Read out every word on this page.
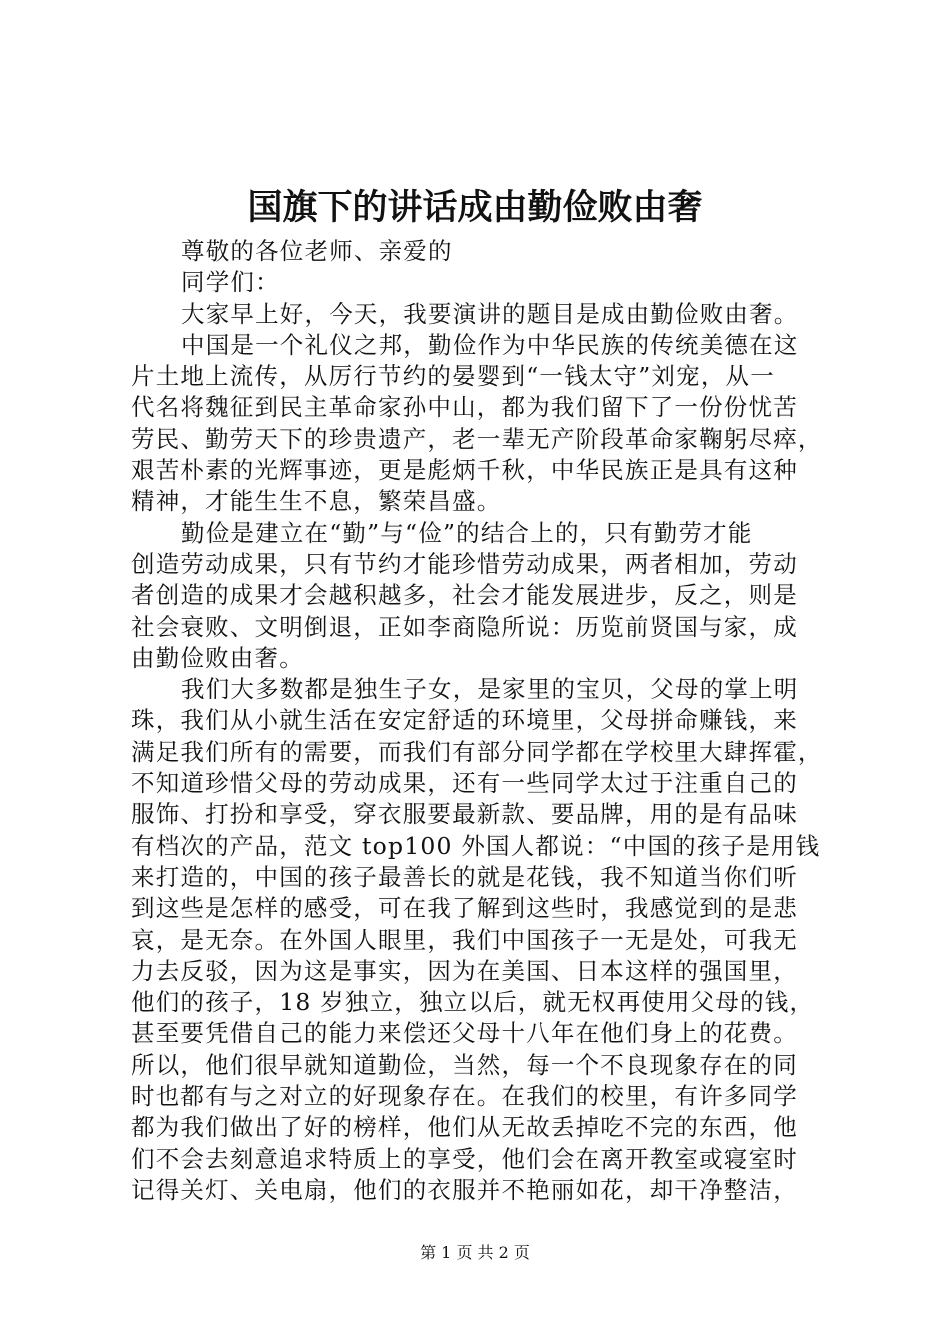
国旗下的讲话成由勤俭败由奢

尊敬的各位老师、亲爱的

同学们：

大家早上好，今天，我要演讲的题目是成由勤俭败由奢。

中国是一个礼仪之邦，勤俭作为中华民族的传统美德在这

片土地上流传，从厉行节约的晏婴到“一钱太守”刘宠，从一

代名将魏征到民主革命家孙中山，都为我们留下了一份份忧苦

劳民、勤劳天下的珍贵遗产，老一辈无产阶段革命家鞠躬尽瘁，

艰苦朴素的光辉事迹，更是彪炳千秋，中华民族正是具有这种

精神，才能生生不息，繁荣昌盛。

勤俭是建立在“勤”与“俭”的结合上的，只有勤劳才能

创造劳动成果，只有节约才能珍惜劳动成果，两者相加，劳动

者创造的成果才会越积越多，社会才能发展进步，反之，则是

社会衰败、文明倒退，正如李商隐所说：历览前贤国与家，成

由勤俭败由奢。

我们大多数都是独生子女，是家里的宝贝，父母的掌上明

珠，我们从小就生活在安定舒适的环境里，父母拼命赚钱，来

满足我们所有的需要，而我们有部分同学都在学校里大肆挥霍，

不知道珍惜父母的劳动成果，还有一些同学太过于注重自己的

服饰、打扮和享受，穿衣服要最新款、要品牌，用的是有品味

有档次的产品，范文 top100 外国人都说：“中国的孩子是用钱

来打造的，中国的孩子最善长的就是花钱，我不知道当你们听

到这些是怎样的感受，可在我了解到这些时，我感觉到的是悲

哀，是无奈。在外国人眼里，我们中国孩子一无是处，可我无

力去反驳，因为这是事实，因为在美国、日本这样的强国里，

他们的孩子，18 岁独立，独立以后，就无权再使用父母的钱，

甚至要凭借自己的能力来偿还父母十八年在他们身上的花费。

所以，他们很早就知道勤俭，当然，每一个不良现象存在的同

时也都有与之对立的好现象存在。在我们的校里，有许多同学

都为我们做出了好的榜样，他们从无故丢掉吃不完的东西，他

们不会去刻意追求特质上的享受，他们会在离开教室或寝室时

记得关灯、关电扇，他们的衣服并不艳丽如花，却干净整洁，

第 1 页 共 2 页
